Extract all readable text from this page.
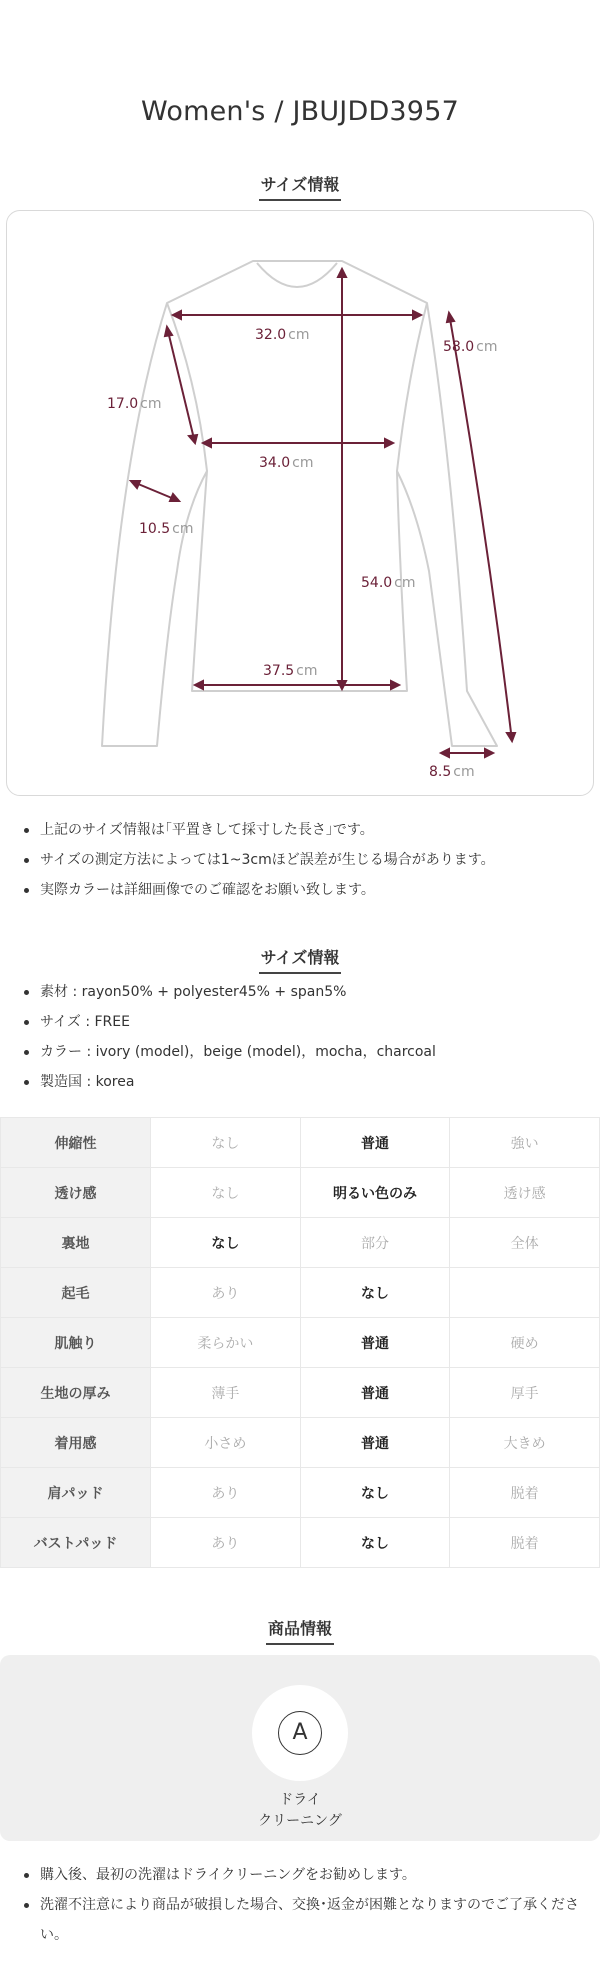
Women's / JBUJDD3957
サイズ情報
32.0 cm
58.0 cm
17.0 cm
34.0 cm
10.5 cm
54.0 cm
37.5 cm
8.5 cm
上記のサイズ情報は｢平置きして採寸した長さ｣です。
サイズの測定方法によっては1~3cmほど誤差が生じる場合があります。
実際カラーは詳細画像でのご確認をお願い致します。
サイズ情報
素材 : rayon50% + polyester45% + span5%
サイズ : FREE
カラー : ivory (model)，beige (model)，mocha，charcoal
製造国 : korea
伸縮性	なし	普通	強い
透け感	なし	明るい色のみ	透け感
裏地	なし	部分	全体
起毛	あり	なし	
肌触り	柔らかい	普通	硬め
生地の厚み	薄手	普通	厚手
着用感	小さめ	普通	大きめ
肩パッド	あり	なし	脱着
バストパッド	あり	なし	脱着
商品情報
A
ドライ
クリーニング
購入後、最初の洗濯はドライクリーニングをお勧めします。
洗濯不注意により商品が破損した場合、交換･返金が困難となりますのでご了承ください。
